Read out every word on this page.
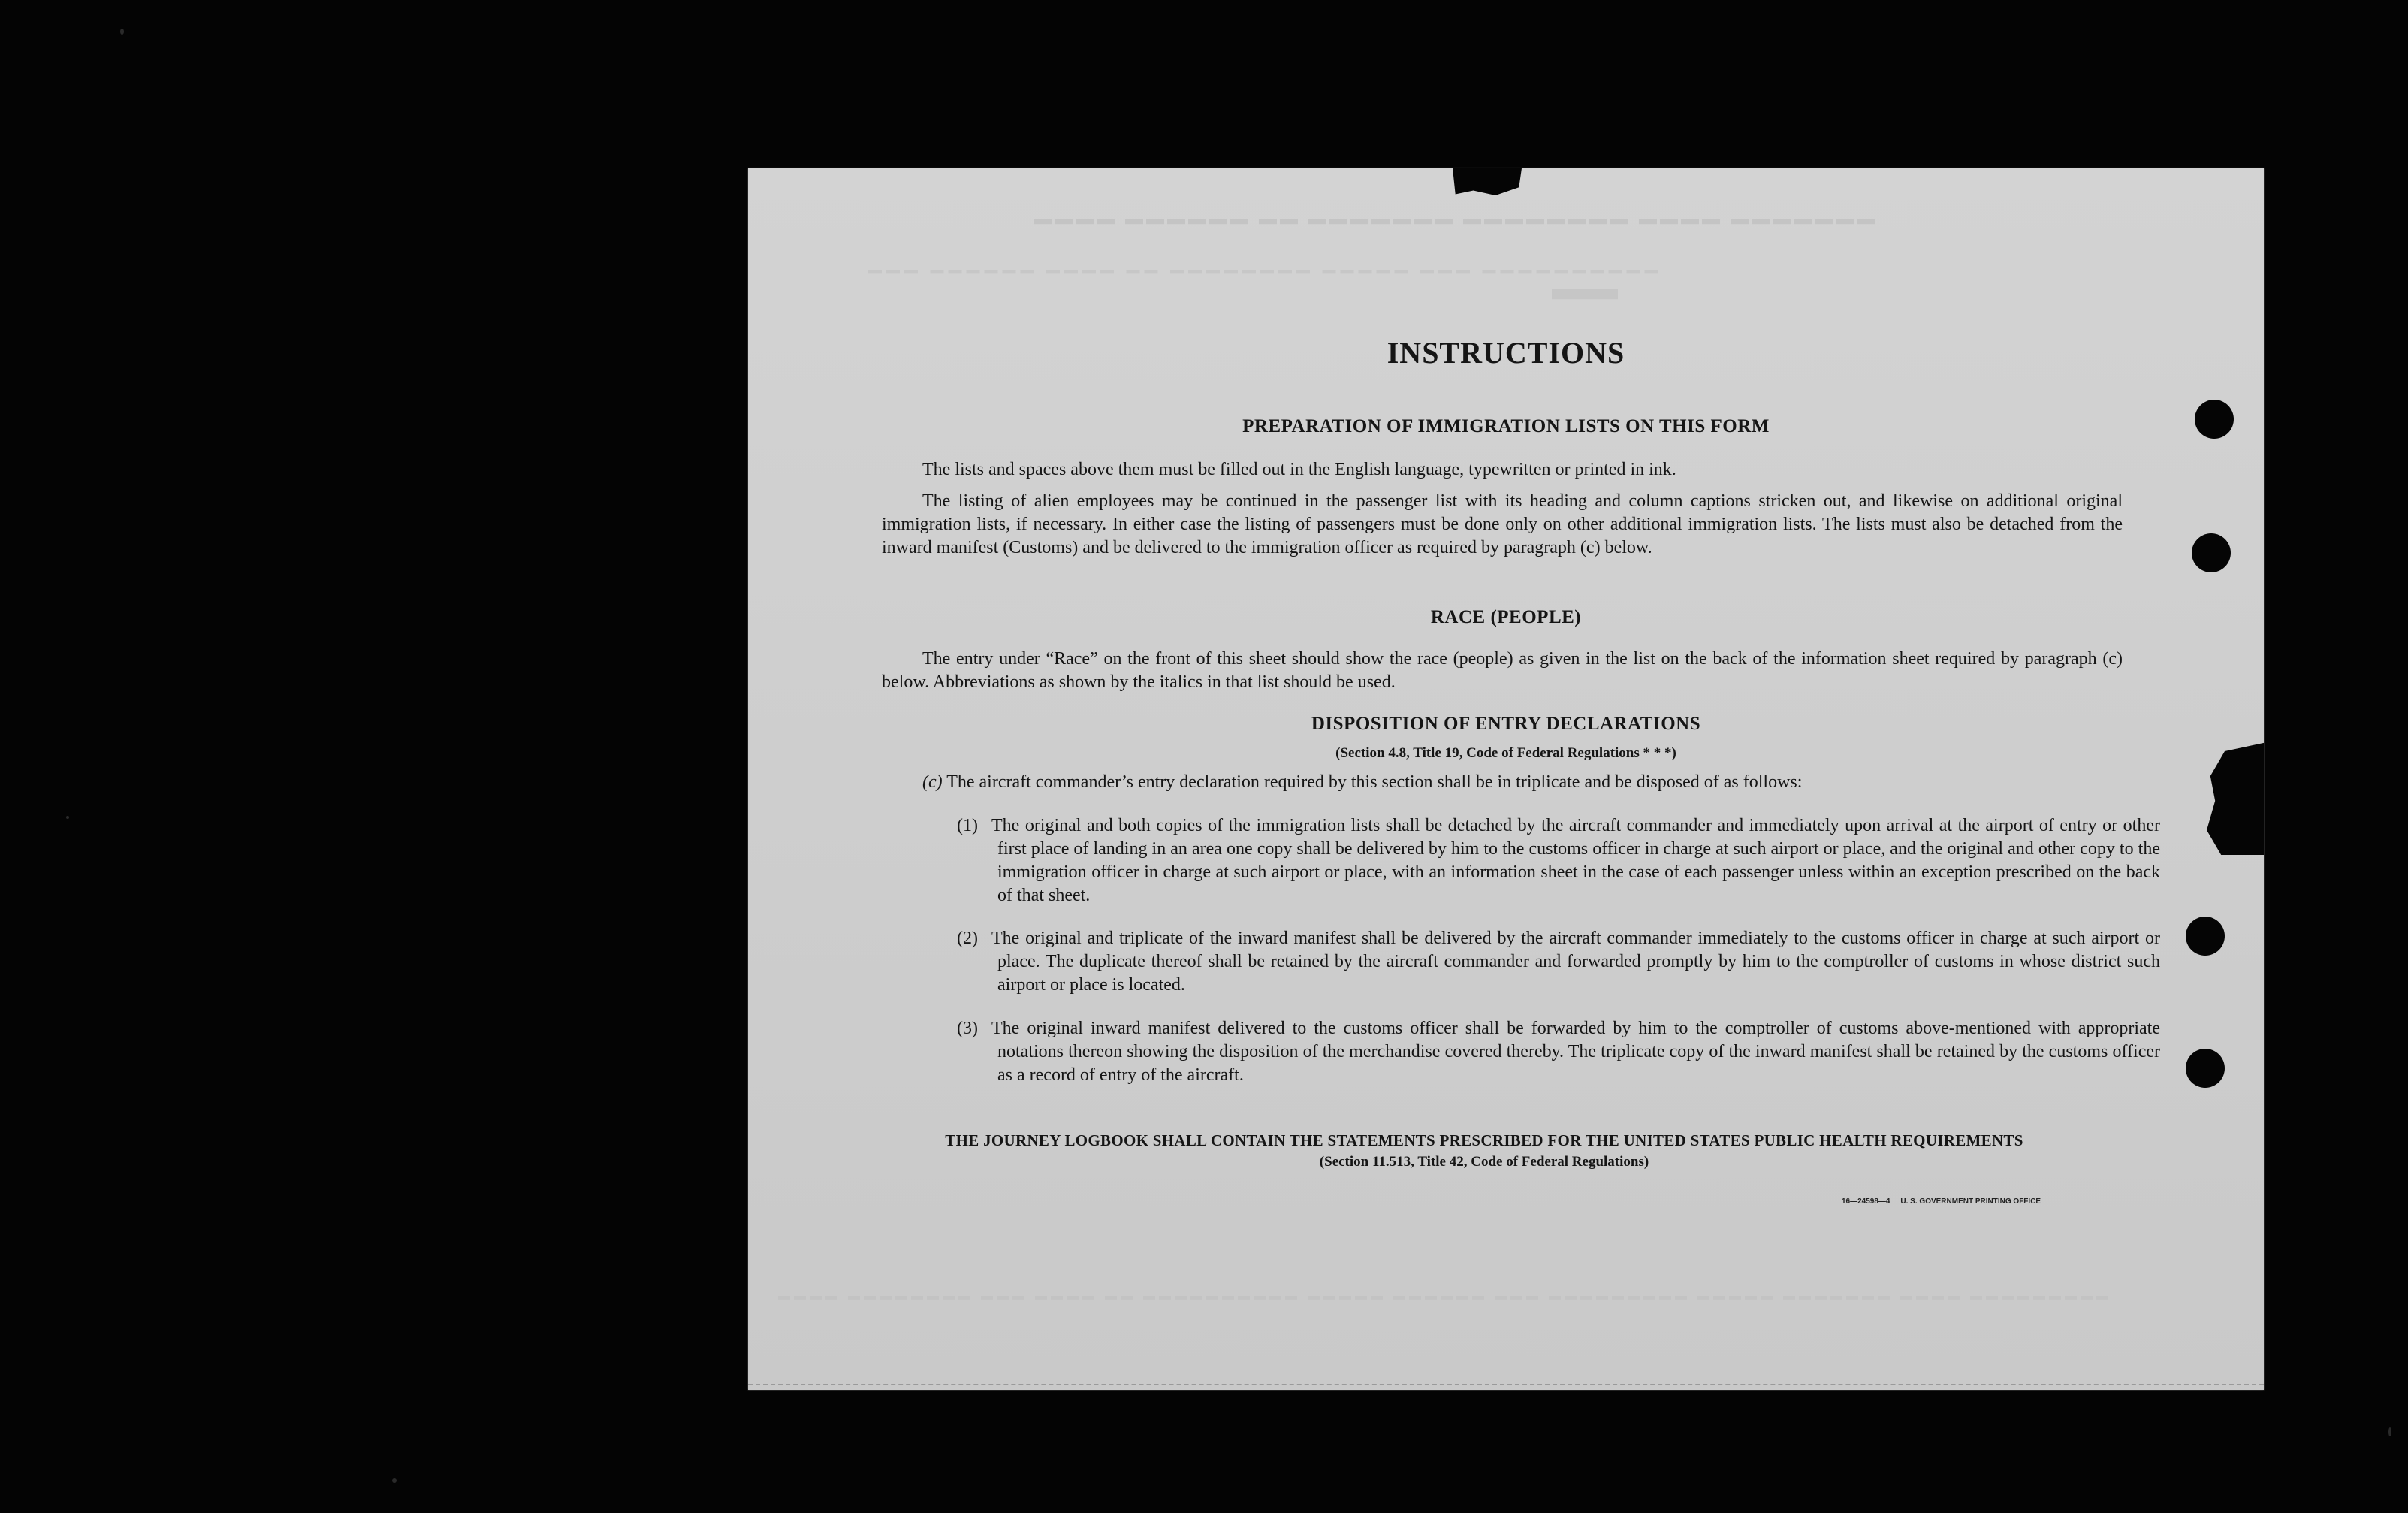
▬▬▬▬ ▬▬▬▬▬▬ ▬▬ ▬▬▬▬▬▬▬ ▬▬▬▬▬▬▬▬ ▬▬▬▬ ▬▬▬▬▬▬▬
▬▬
▬▬▬ ▬▬▬▬▬▬ ▬▬▬▬ ▬▬ ▬▬▬▬▬▬▬▬ ▬▬▬▬▬ ▬▬▬ ▬▬▬▬▬▬▬▬▬▬
▬▬▬▬ ▬▬▬▬▬▬▬▬ ▬▬▬ ▬▬▬▬ ▬▬ ▬▬▬▬▬▬▬▬▬▬ ▬▬▬▬▬ ▬▬▬▬▬▬ ▬▬▬ ▬▬▬▬▬▬▬▬▬ ▬▬▬▬▬ ▬▬▬▬▬▬▬ ▬▬▬▬ ▬▬▬▬▬▬▬▬▬
INSTRUCTIONS
PREPARATION OF IMMIGRATION LISTS ON THIS FORM
The lists and spaces above them must be filled out in the English language, typewritten or printed in ink.
The listing of alien employees may be continued in the passenger list with its heading and column captions stricken out, and likewise on additional original immigration lists, if necessary. In either case the listing of passengers must be done only on other additional immigration lists. The lists must also be detached from the inward manifest (Customs) and be delivered to the immigration officer as required by paragraph (c) below.
RACE (PEOPLE)
The entry under “Race” on the front of this sheet should show the race (people) as given in the list on the back of the information sheet required by paragraph (c) below. Abbreviations as shown by the italics in that list should be used.
DISPOSITION OF ENTRY DECLARATIONS
(Section 4.8, Title 19, Code of Federal Regulations * * *)
(c) The aircraft commander’s entry declaration required by this section shall be in triplicate and be disposed of as follows:
(1) The original and both copies of the immigration lists shall be detached by the aircraft commander and immediately upon arrival at the airport of entry or other first place of landing in an area one copy shall be delivered by him to the customs officer in charge at such airport or place, and the original and other copy to the immigration officer in charge at such airport or place, with an information sheet in the case of each passenger unless within an exception prescribed on the back of that sheet.
(2) The original and triplicate of the inward manifest shall be delivered by the aircraft commander immediately to the customs officer in charge at such airport or place. The duplicate thereof shall be retained by the aircraft commander and forwarded promptly by him to the comptroller of customs in whose district such airport or place is located.
(3) The original inward manifest delivered to the customs officer shall be forwarded by him to the comptroller of customs above-mentioned with appropriate notations thereon showing the disposition of the merchandise covered thereby. The triplicate copy of the inward manifest shall be retained by the customs officer as a record of entry of the aircraft.
THE JOURNEY LOGBOOK SHALL CONTAIN THE STATEMENTS PRESCRIBED FOR THE UNITED STATES PUBLIC HEALTH REQUIREMENTS
(Section 11.513, Title 42, Code of Federal Regulations)
16—24598—4 U. S. GOVERNMENT PRINTING OFFICE
